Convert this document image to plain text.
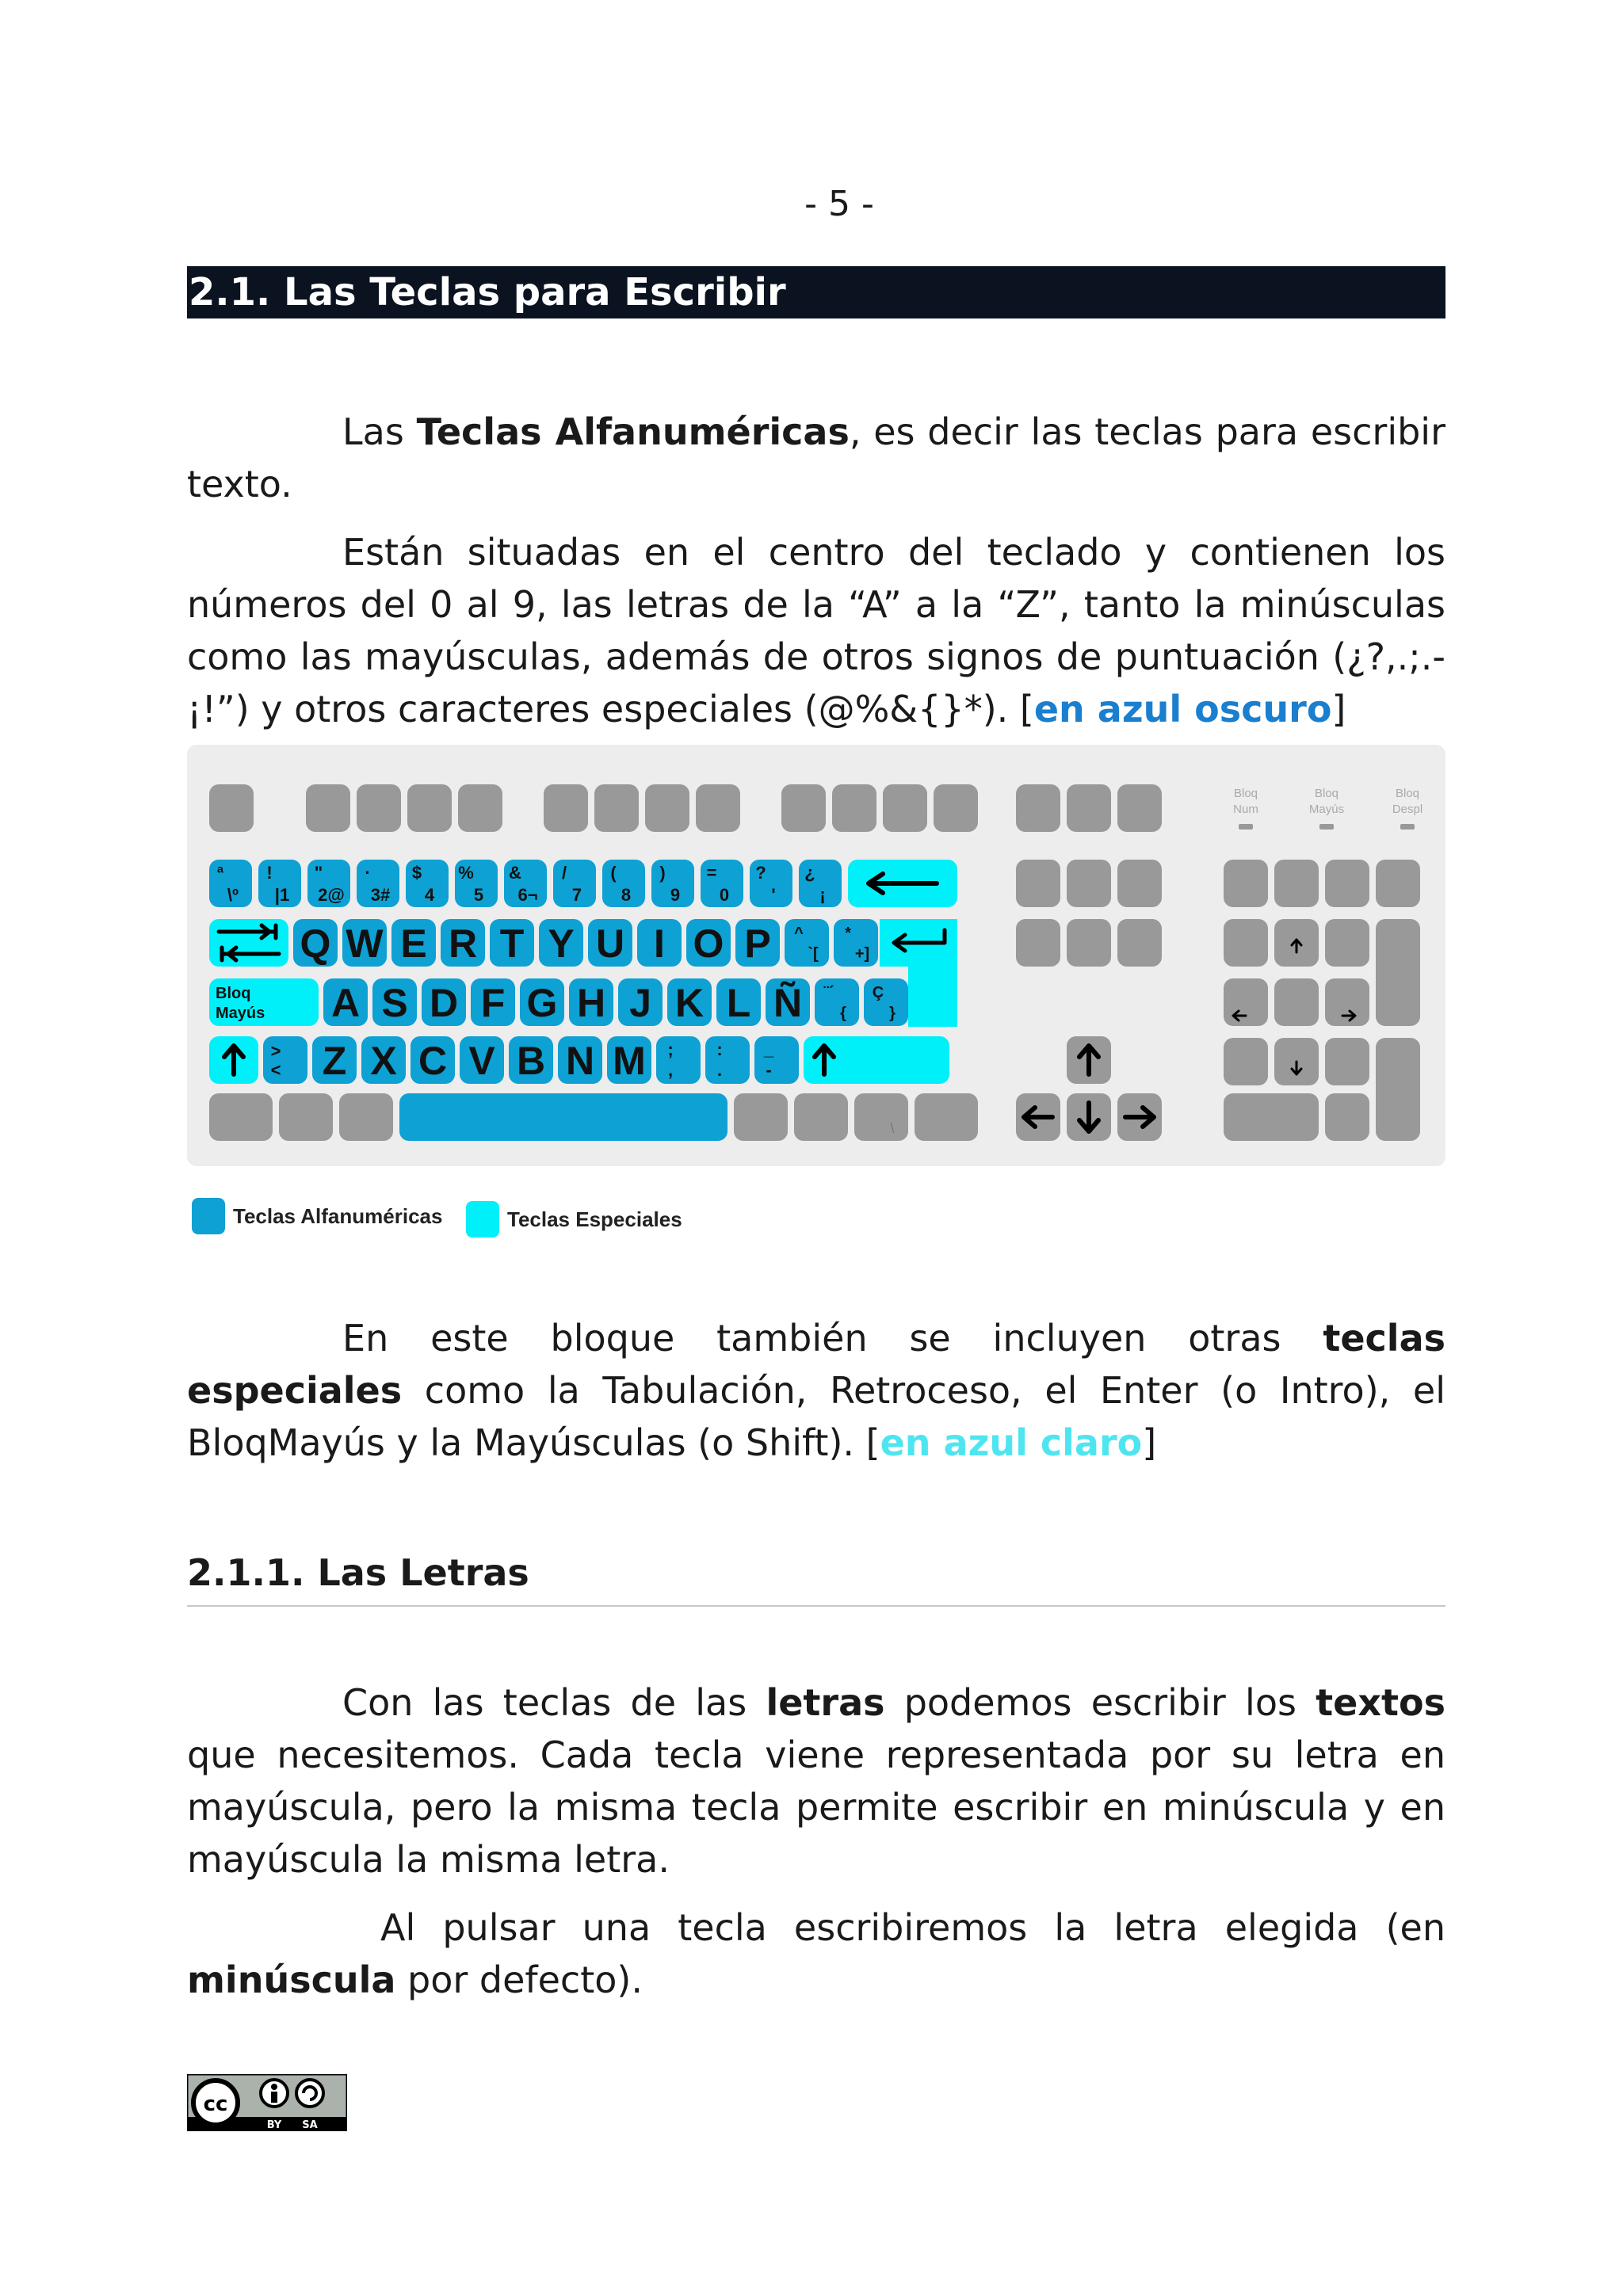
- 5 -
2.1. Las Teclas para Escribir
Las Teclas Alfanuméricas, es decir las teclas para escribir texto.
Están situadas en el centro del teclado y contienen los números del 0 al 9, las letras de la “A” a la “Z”, tanto la minúsculas como las mayúsculas, además de otros signos de puntuación (¿?,.;.-¡!”) y otros caracteres especiales (@%&{}*). [en azul oscuro]
Bloq
Num
Bloq
Mayús
Bloq
Despl
ª
\º
!
|1
"
2@
·
3#
$
4
%
5
&
6¬
/
7
(
8
)
9
=
0
?
'
¿
¡
Q W E R T Y U I O P ^
`[
*
+]
Bloq
Mayús A S D F G H J K L Ñ ¨´
{
Ç
}
>
< Z X C V B N M ;
,
:
.
_
-
\
Teclas Alfanuméricas	Teclas Especiales
En este bloque también se incluyen otras teclas especiales como la Tabulación, Retroceso, el Enter (o Intro), el BloqMayús y la Mayúsculas (o Shift). [en azul claro]
2.1.1. Las Letras
Con las teclas de las letras podemos escribir los textos que necesitemos. Cada tecla viene representada por su letra en mayúscula, pero la misma tecla permite escribir en minúscula y en mayúscula la misma letra.
Al pulsar una tecla escribiremos la letra elegida (en minúscula por defecto).
cc
BY SA
